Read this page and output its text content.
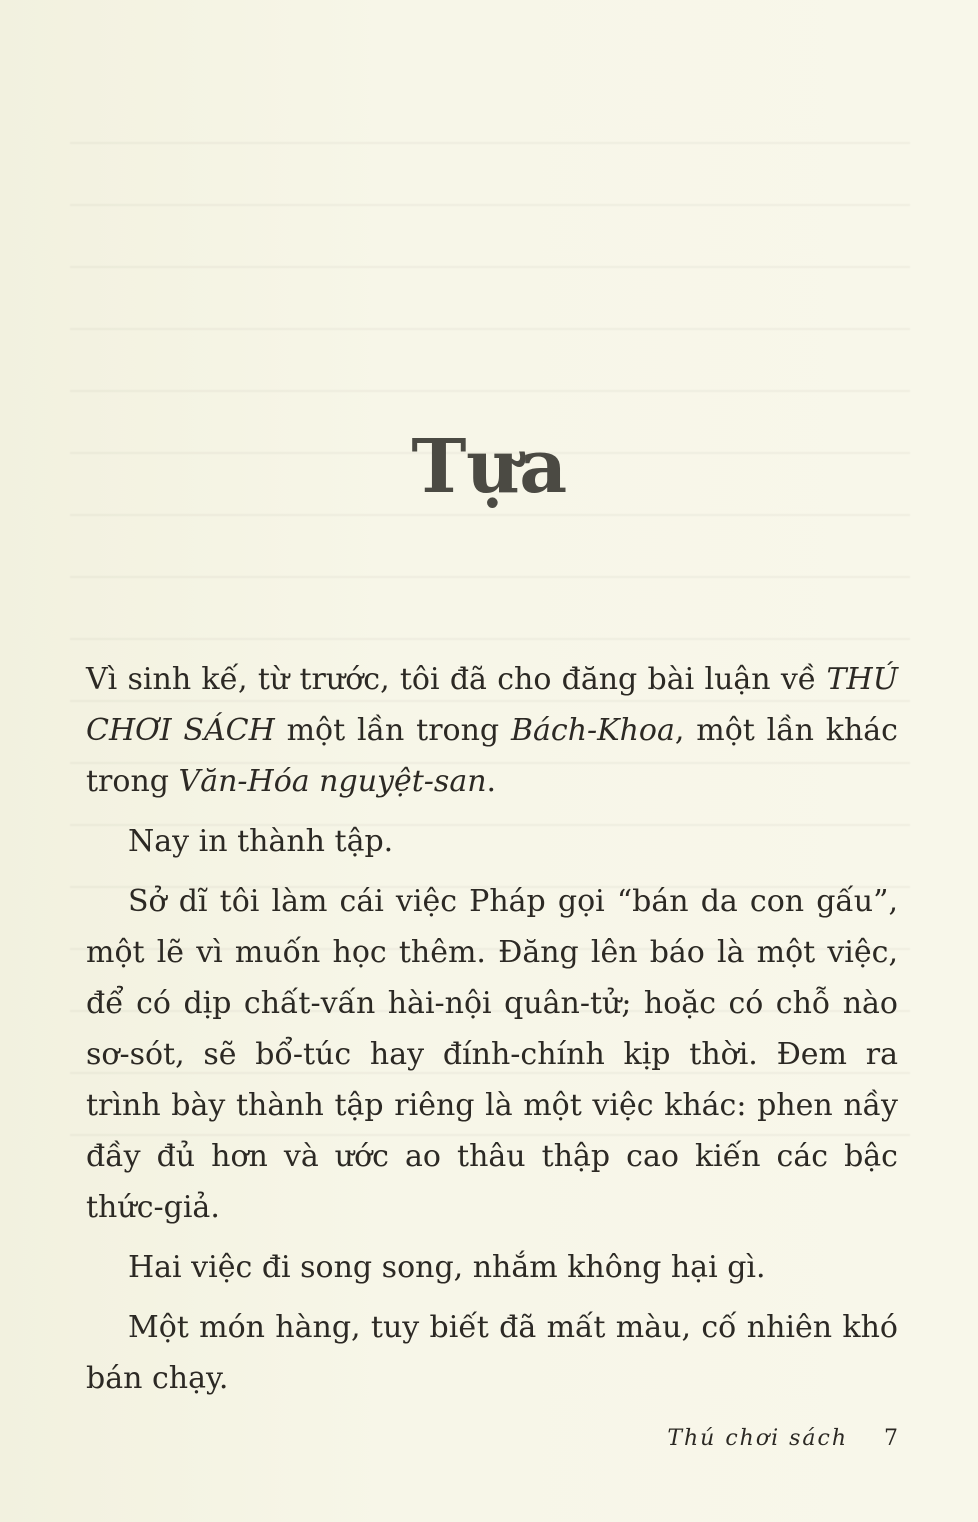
Tựa

Vì sinh kế, từ trước, tôi đã cho đăng bài luận về THÚ CHƠI SÁCH một lần trong Bách-Khoa, một lần khác trong Văn-Hóa nguyệt-san.

Nay in thành tập.

Sở dĩ tôi làm cái việc Pháp gọi “bán da con gấu”, một lẽ vì muốn học thêm. Đăng lên báo là một việc, để có dịp chất-vấn hài-nội quân-tử; hoặc có chỗ nào sơ-sót, sẽ bổ-túc hay đính-chính kịp thời. Đem ra trình bày thành tập riêng là một việc khác: phen nầy đầy đủ hơn và ước ao thâu thập cao kiến các bậc thức-giả.

Hai việc đi song song, nhắm không hại gì.

Một món hàng, tuy biết đã mất màu, cố nhiên khó bán chạy.

Thú chơi sách 7
